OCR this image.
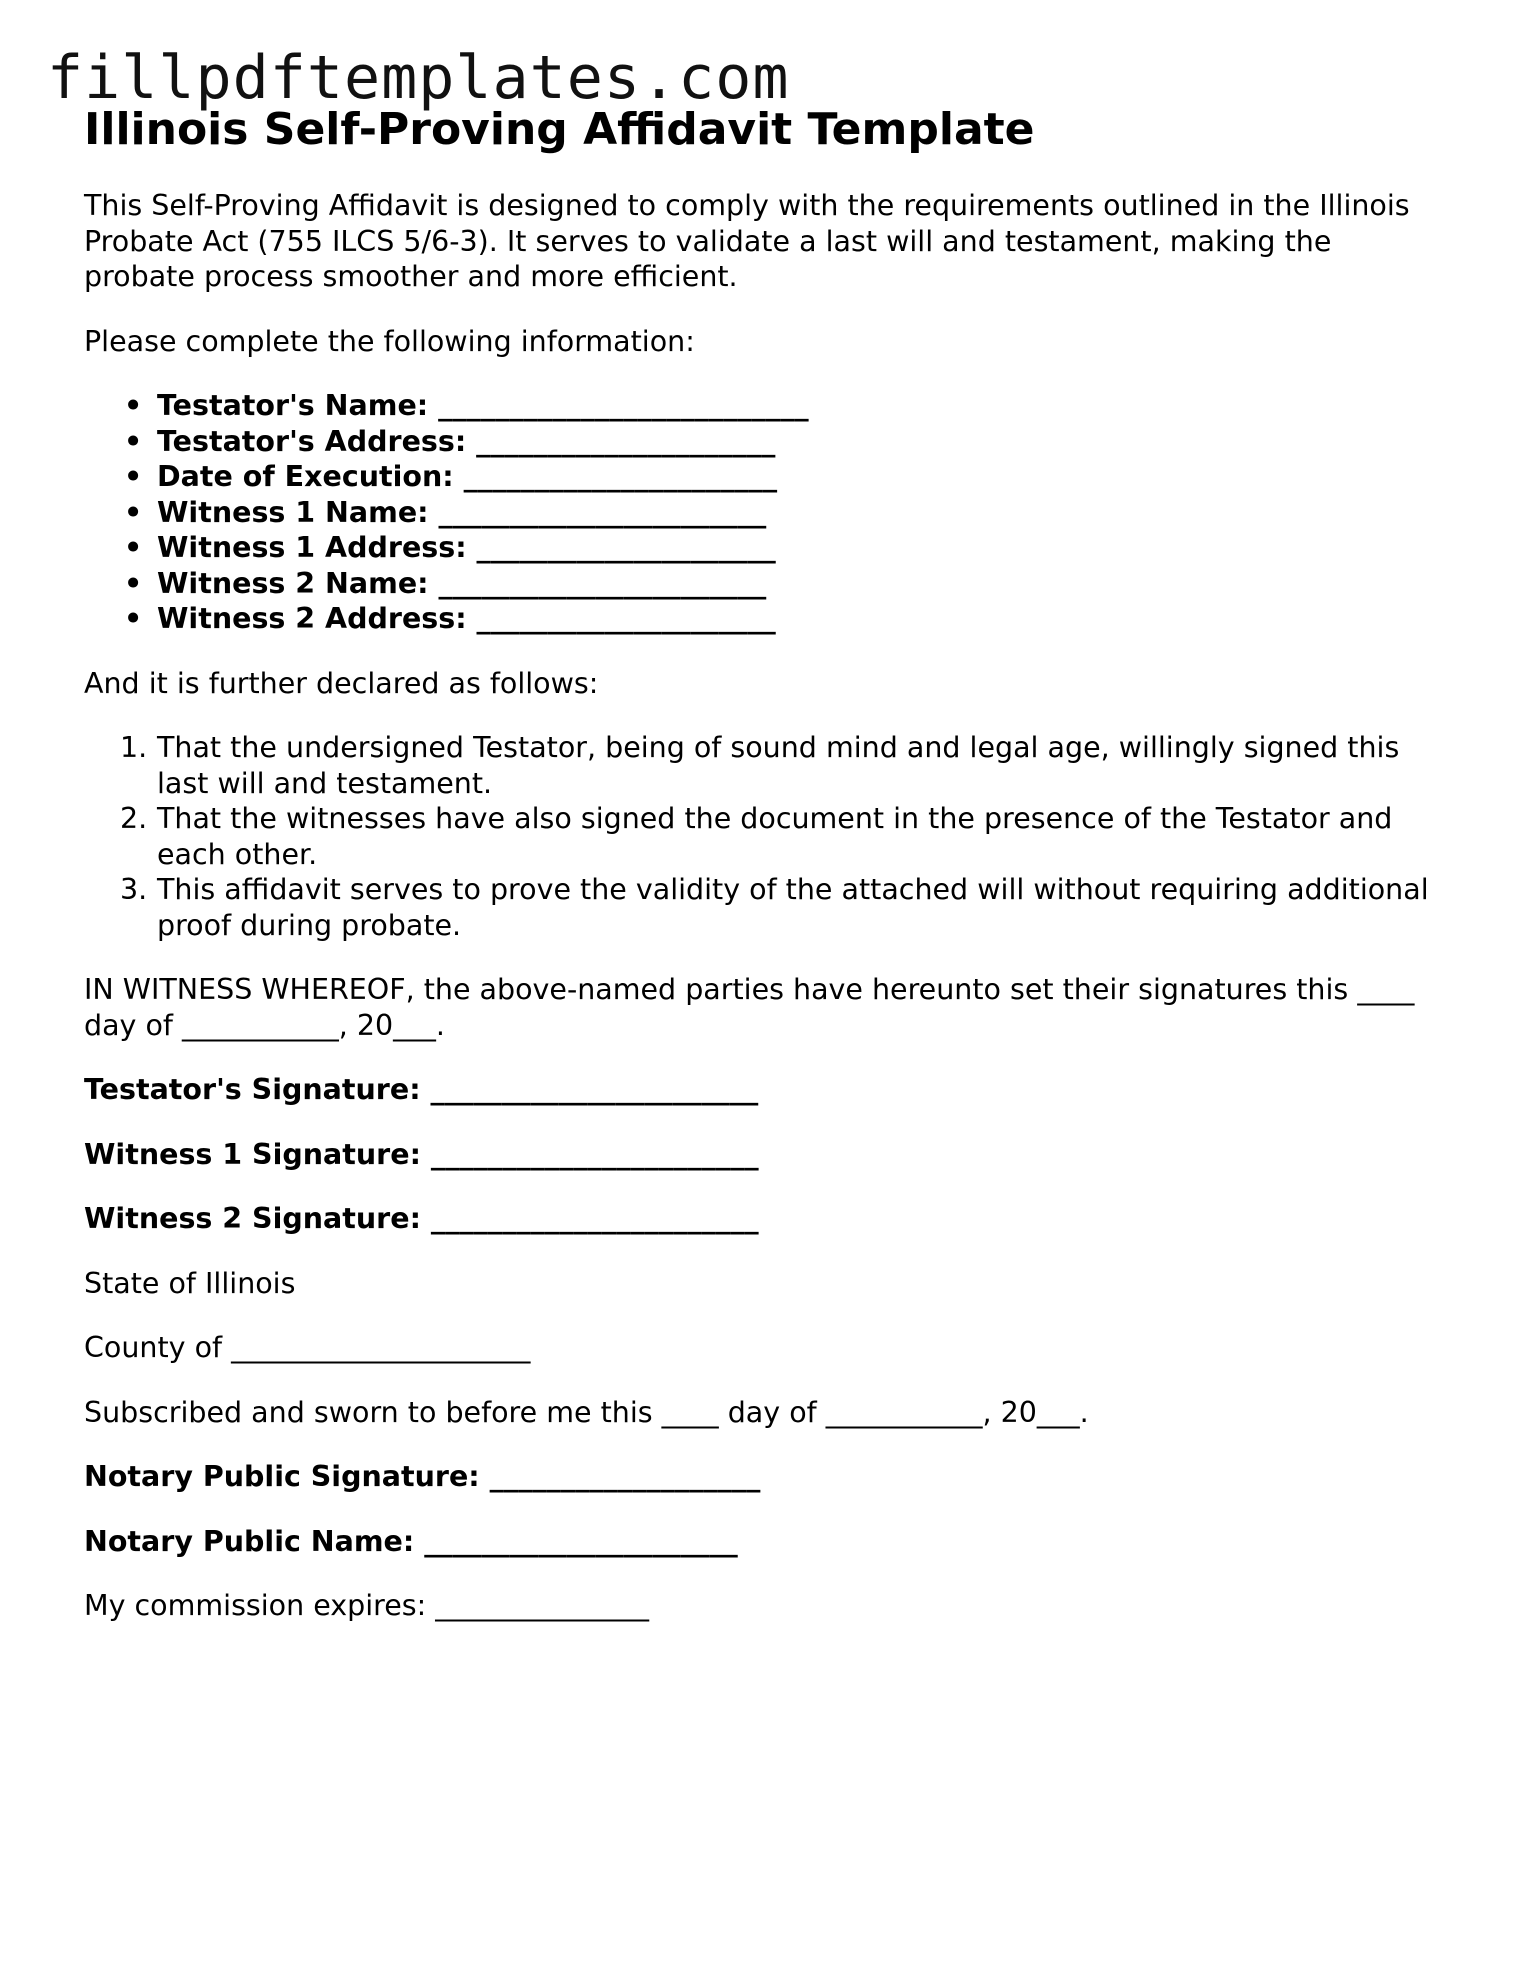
fillpdftemplates.com
Illinois Self-Proving Affidavit Template

This Self-Proving Affidavit is designed to comply with the requirements outlined in the Illinois Probate Act (755 ILCS 5/6-3). It serves to validate a last will and testament, making the probate process smoother and more efficient.

Please complete the following information:

• Testator's Name: __________________________
• Testator's Address: _____________________
• Date of Execution: ______________________
• Witness 1 Name: _______________________
• Witness 1 Address: _____________________
• Witness 2 Name: _______________________
• Witness 2 Address: _____________________

And it is further declared as follows:

1. That the undersigned Testator, being of sound mind and legal age, willingly signed this last will and testament.
2. That the witnesses have also signed the document in the presence of the Testator and each other.
3. This affidavit serves to prove the validity of the attached will without requiring additional proof during probate.

IN WITNESS WHEREOF, the above-named parties have hereunto set their signatures this ____ day of ___________, 20___.

Testator's Signature: _______________________

Witness 1 Signature: _______________________

Witness 2 Signature: _______________________

State of Illinois

County of _____________________

Subscribed and sworn to before me this ____ day of ___________, 20___.

Notary Public Signature: ___________________

Notary Public Name: ______________________

My commission expires: _______________
